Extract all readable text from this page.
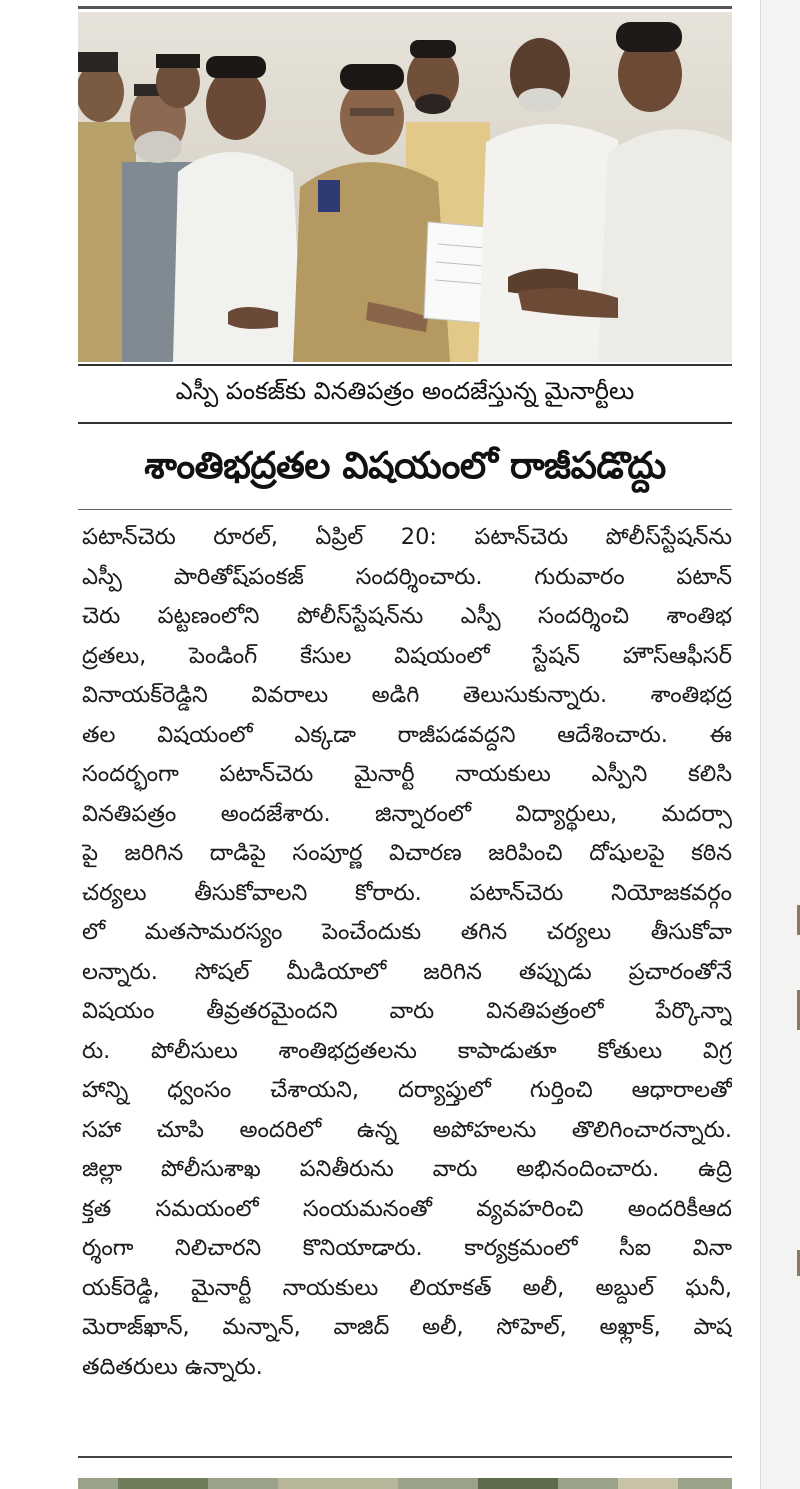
ఎస్పీ పంకజ్‌కు వినతిపత్రం అందజేస్తున్న మైనార్టీలు
శాంతిభద్రతల విషయంలో రాజీపడొద్దు
పటాన్‌చెరు రూరల్‌, ఏప్రిల్‌ 20: పటాన్‌చెరు పోలీస్‌స్టేషన్‌ను
ఎస్పీ పారితోష్‌పంకజ్‌ సందర్శించారు. గురువారం పటాన్‌
చెరు పట్టణంలోని పోలీస్‌స్టేషన్‌ను ఎస్పీ సందర్శించి శాంతిభ
ద్రతలు, పెండింగ్‌ కేసుల విషయంలో స్టేషన్‌ హౌస్‌ఆఫీసర్‌
వినాయక్‌రెడ్డిని వివరాలు అడిగి తెలుసుకున్నారు. శాంతిభద్ర
తల విషయంలో ఎక్కడా రాజీపడవద్దని ఆదేశించారు. ఈ
సందర్భంగా పటాన్‌చెరు మైనార్టీ నాయకులు ఎస్పీని కలిసి
వినతిపత్రం అందజేశారు. జిన్నారంలో విద్యార్థులు, మదర్సా
పై జరిగిన దాడిపై సంపూర్ణ విచారణ జరిపించి దోషులపై కఠిన
చర్యలు తీసుకోవాలని కోరారు. పటాన్‌చెరు నియోజకవర్గం
లో మతసామరస్యం పెంచేందుకు తగిన చర్యలు తీసుకోవా
లన్నారు. సోషల్‌ మీడియాలో జరిగిన తప్పుడు ప్రచారంతోనే
విషయం తీవ్రతరమైందని వారు వినతిపత్రంలో పేర్కొన్నా
రు. పోలీసులు శాంతిభద్రతలను కాపాడుతూ కోతులు విగ్ర
హాన్ని ధ్వంసం చేశాయని, దర్యాప్తులో గుర్తించి ఆధారాలతో
సహా చూపి అందరిలో ఉన్న అపోహలను తొలిగించారన్నారు.
జిల్లా పోలీసుశాఖ పనితీరును వారు అభినందించారు. ఉద్రి
క్తత సమయంలో సంయమనంతో వ్యవహరించి అందరికీఆద
ర్శంగా నిలిచారని కొనియాడారు. కార్యక్రమంలో సీఐ వినా
యక్‌రెడ్డి, మైనార్టీ నాయకులు లియాకత్‌ అలీ, అబ్దుల్‌ ఘనీ,
మెరాజ్‌ఖాన్‌, మన్నాన్‌, వాజిద్‌ అలీ, సోహెల్‌, అఖ్లాక్‌, పాష
తదితరులు ఉన్నారు.
